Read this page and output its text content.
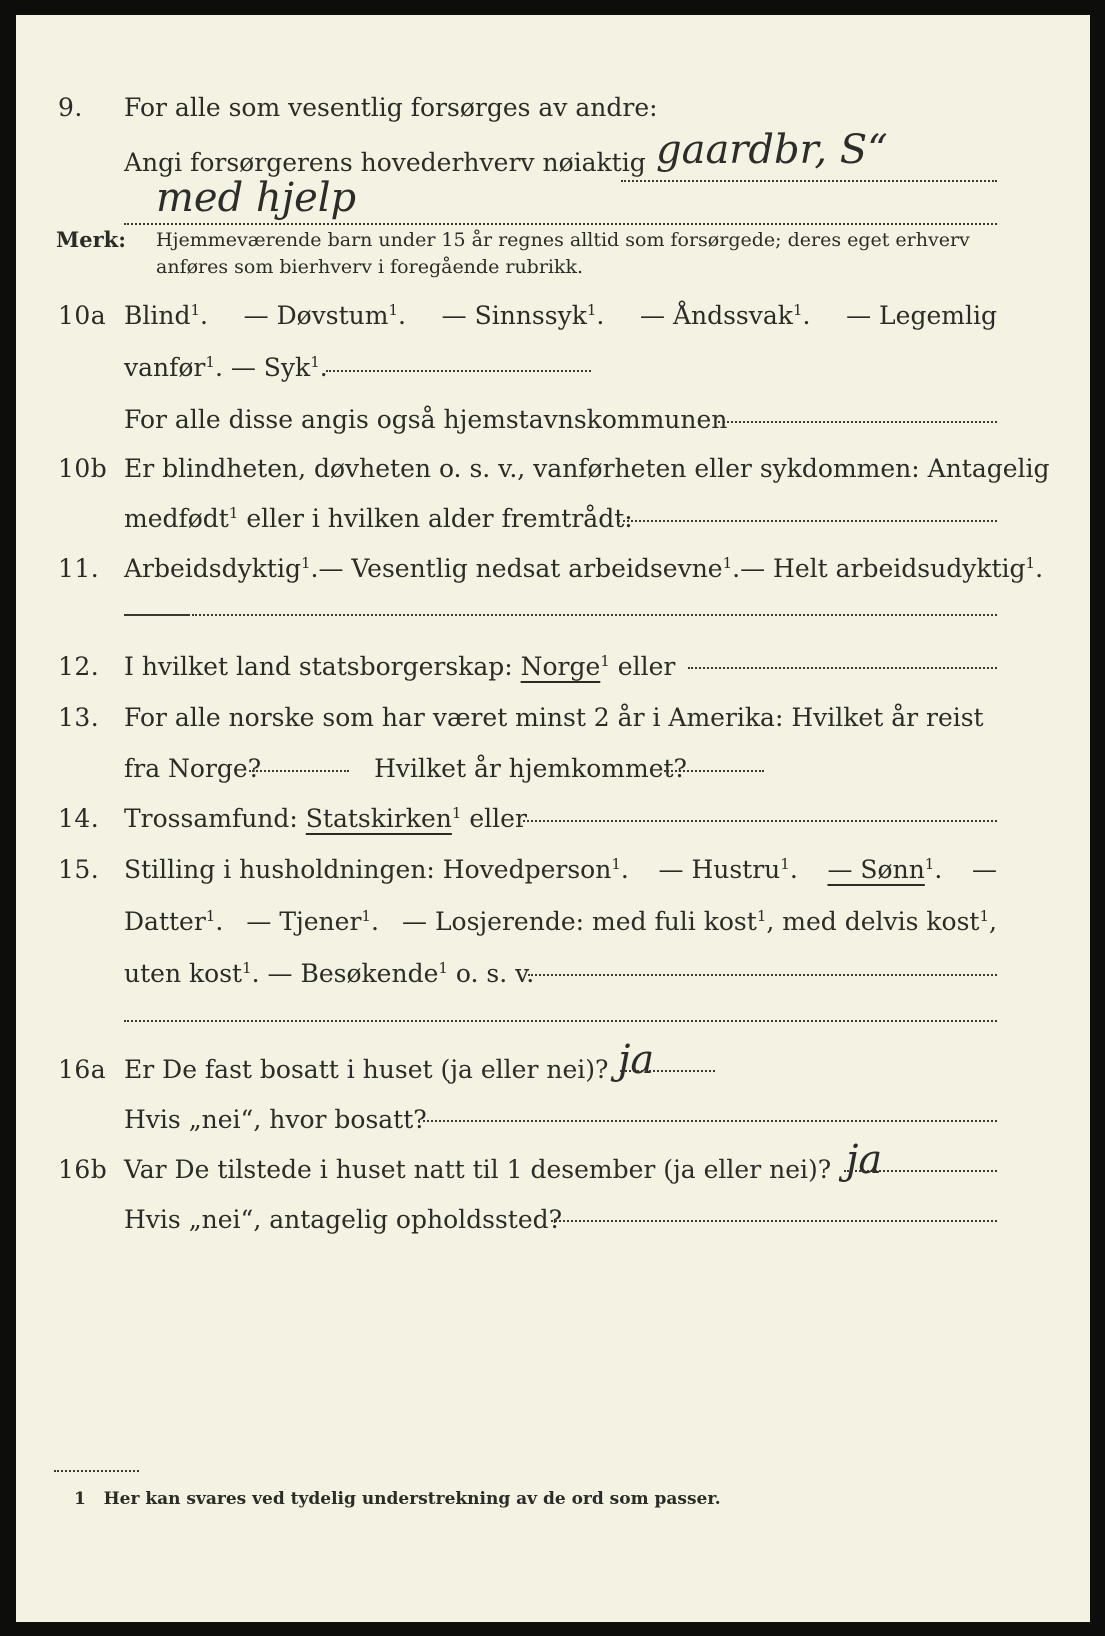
9. For alle som vesentlig forsørges av andre:
Angi forsørgerens hovederhverv nøiaktig gaardbr, S“
med hjelp
Merk: Hjemmeværende barn under 15 år regnes alltid som forsørgede; deres eget erhverv
anføres som bierhverv i foregående rubrikk.
10a Blind$^1$. — Døvstum$^1$. — Sinnssyk$^1$. — Åndssvak$^1$. — Legemlig
vanfør$^1$. — Syk$^1$.
For alle disse angis også hjemstavnskommunen
10b Er blindheten, døvheten o. s. v., vanførheten eller sykdommen: Antagelig
medfødt$^1$ eller i hvilken alder fremtrådt:
11. Arbeidsdyktig$^1$. — Vesentlig nedsat arbeidsevne$^1$. — Helt arbeidsudyktig$^1$.
12. I hvilket land statsborgerskap: Norge$^1$ eller
13. For alle norske som har været minst 2 år i Amerika: Hvilket år reist
fra Norge?	Hvilket år hjemkommet?
14. Trossamfund: Statskirken$^1$ eller
15. Stilling i husholdningen: Hovedperson$^1$. — Hustru$^1$. — Sønn$^1$. —
Datter$^1$. — Tjener$^1$. — Losjerende: med fuli kost$^1$, med delvis kost$^1$,
uten kost$^1$. — Besøkende$^1$ o. s. v.
16a Er De fast bosatt i huset (ja eller nei)? ja
Hvis „nei“, hvor bosatt?
16b Var De tilstede i huset natt til 1 desember (ja eller nei)? ja
Hvis „nei“, antagelig opholdssted?
1 Her kan svares ved tydelig understrekning av de ord som passer.
